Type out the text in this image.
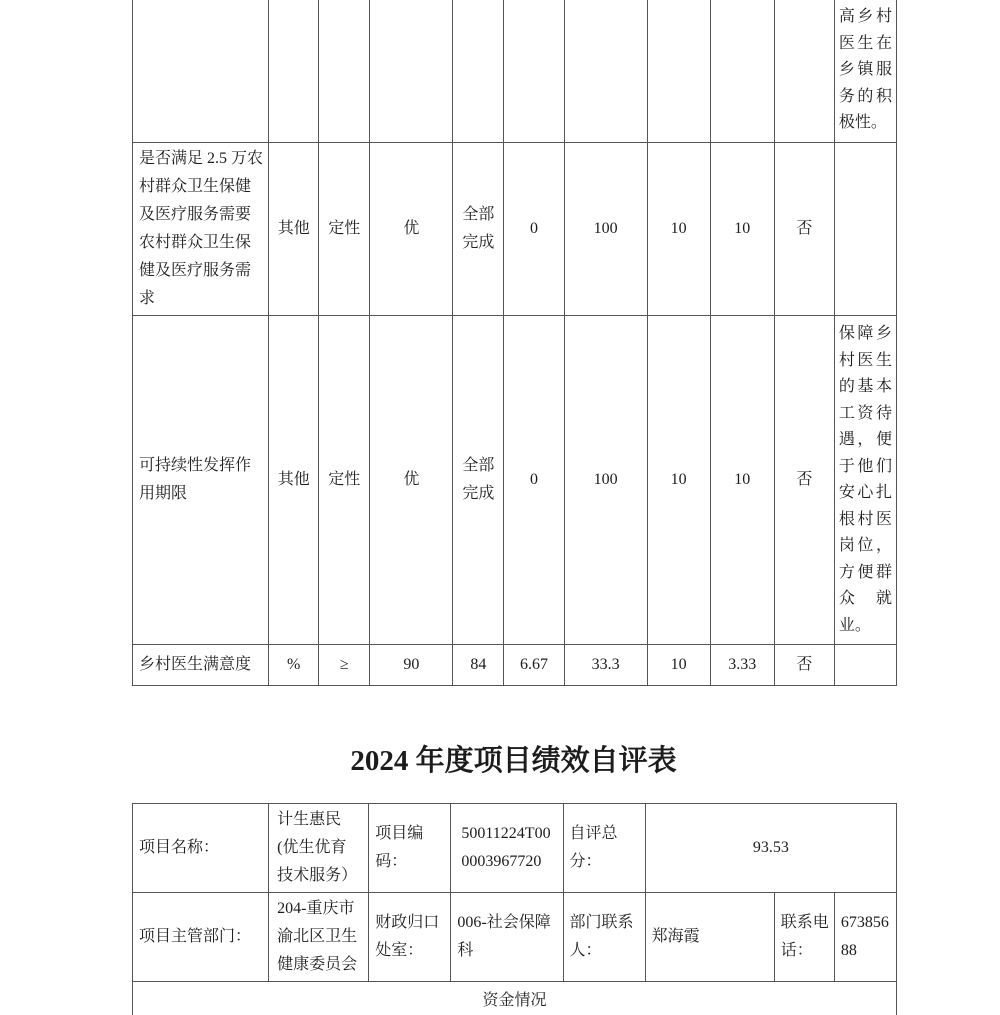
										高乡村医生在乡镇服务的积极性。
是否满足 2.5 万农村群众卫生保健及医疗服务需要农村群众卫生保健及医疗服务需求	其他	定性	优	全部完成	0	100	10	10	否	
可持续性发挥作用期限	其他	定性	优	全部完成	0	100	10	10	否	保障乡村医生的基本工资待遇，便于他们安心扎根村医岗位，方便群众就业。
乡村医生满意度	%	≥	90	84	6.67	33.3	10	3.33	否	
2024 年度项目绩效自评表
项目名称：	计生惠民(优生优育技术服务）	项目编码：	50011224T000003967720	自评总分：	93.53		
项目主管部门：	204-重庆市渝北区卫生健康委员会	财政归口处室：	006-社会保障科	部门联系人：	郑海霞	联系电话：	67385688
资金情况							
